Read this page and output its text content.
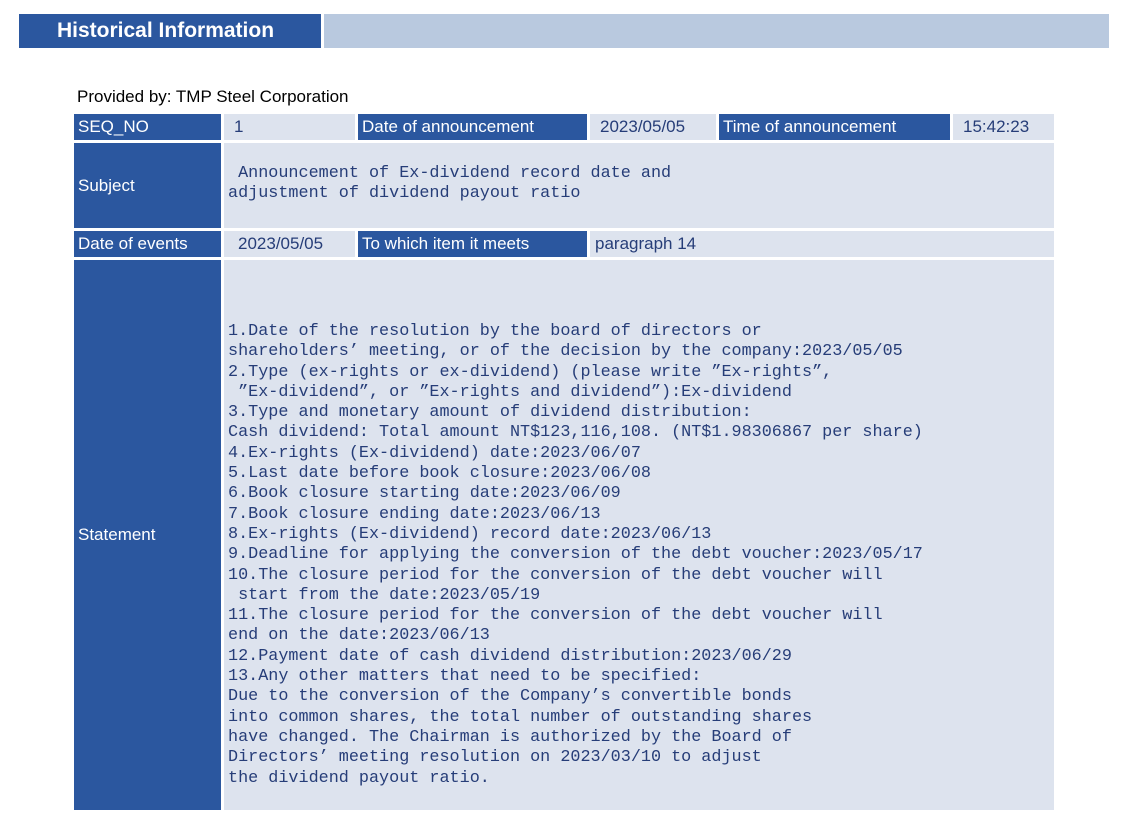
Historical Information
Provided by: TMP Steel Corporation
SEQ_NO	1	Date of announcement	2023/05/05	Time of announcement	15:42:23
Subject
Announcement of Ex-dividend record date and
adjustment of dividend payout ratio
Date of events	2023/05/05	To which item it meets	paragraph 14
Statement
1.Date of the resolution by the board of directors or
shareholders’ meeting, or of the decision by the company:2023/05/05
2.Type (ex-rights or ex-dividend) (please write ”Ex-rights”,
”Ex-dividend”, or ”Ex-rights and dividend”):Ex-dividend
3.Type and monetary amount of dividend distribution:
Cash dividend: Total amount NT$123,116,108. (NT$1.98306867 per share)
4.Ex-rights (Ex-dividend) date:2023/06/07
5.Last date before book closure:2023/06/08
6.Book closure starting date:2023/06/09
7.Book closure ending date:2023/06/13
8.Ex-rights (Ex-dividend) record date:2023/06/13
9.Deadline for applying the conversion of the debt voucher:2023/05/17
10.The closure period for the conversion of the debt voucher will
start from the date:2023/05/19
11.The closure period for the conversion of the debt voucher will
end on the date:2023/06/13
12.Payment date of cash dividend distribution:2023/06/29
13.Any other matters that need to be specified:
Due to the conversion of the Company’s convertible bonds
into common shares, the total number of outstanding shares
have changed. The Chairman is authorized by the Board of
Directors’ meeting resolution on 2023/03/10 to adjust
the dividend payout ratio.
